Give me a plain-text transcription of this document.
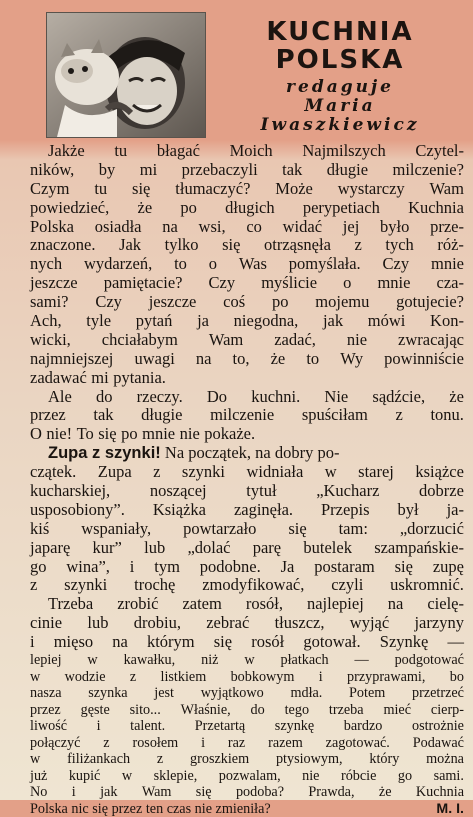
KUCHNIA
POLSKA
redaguje
Maria
Iwaszkiewicz
Jakże tu błagać Moich Najmilszych Czytel-
ników, by mi przebaczyli tak długie milczenie?
Czym tu się tłumaczyć? Może wystarczy Wam
powiedzieć, że po długich perypetiach Kuchnia
Polska osiadła na wsi, co widać jej było prze-
znaczone. Jak tylko się otrząsnęła z tych róż-
nych wydarzeń, to o Was pomyślała. Czy mnie
jeszcze pamiętacie? Czy myślicie o mnie cza-
sami? Czy jeszcze coś po mojemu gotujecie?
Ach, tyle pytań ja niegodna, jak mówi Kon-
wicki, chciałabym Wam zadać, nie zwracając
najmniejszej uwagi na to, że to Wy powinniście
zadawać mi pytania.
Ale do rzeczy. Do kuchni. Nie sądźcie, że
przez tak długie milczenie spuściłam z tonu.
O nie! To się po mnie nie pokaże.
Zupa z szynki! Na początek, na dobry po-
czątek. Zupa z szynki widniała w starej książce
kucharskiej, noszącej tytuł „Kucharz dobrze
usposobiony”. Książka zaginęła. Przepis był ja-
kiś wspaniały, powtarzało się tam: „dorzucić
japarę kur” lub „dolać parę butelek szampańskie-
go wina”, i tym podobne. Ja postaram się zupę
z szynki trochę zmodyfikować, czyli uskromnić.
Trzeba zrobić zatem rosół, najlepiej na cielę-
cinie lub drobiu, zebrać tłuszcz, wyjąć jarzyny
i mięso na którym się rosół gotował. Szynkę —
lepiej w kawałku, niż w płatkach — podgotować
w wodzie z listkiem bobkowym i przyprawami, bo
nasza szynka jest wyjątkowo mdła. Potem przetrzeć
przez gęste sito... Właśnie, do tego trzeba mieć cierp-
liwość i talent. Przetartą szynkę bardzo ostrożnie
połączyć z rosołem i raz razem zagotować. Podawać
w filiżankach z groszkiem ptysiowym, który można
już kupić w sklepie, pozwalam, nie róbcie go sami.
No i jak Wam się podoba? Prawda, że Kuchnia
Polska nic się przez ten czas nie zmieniła?	M. I.
